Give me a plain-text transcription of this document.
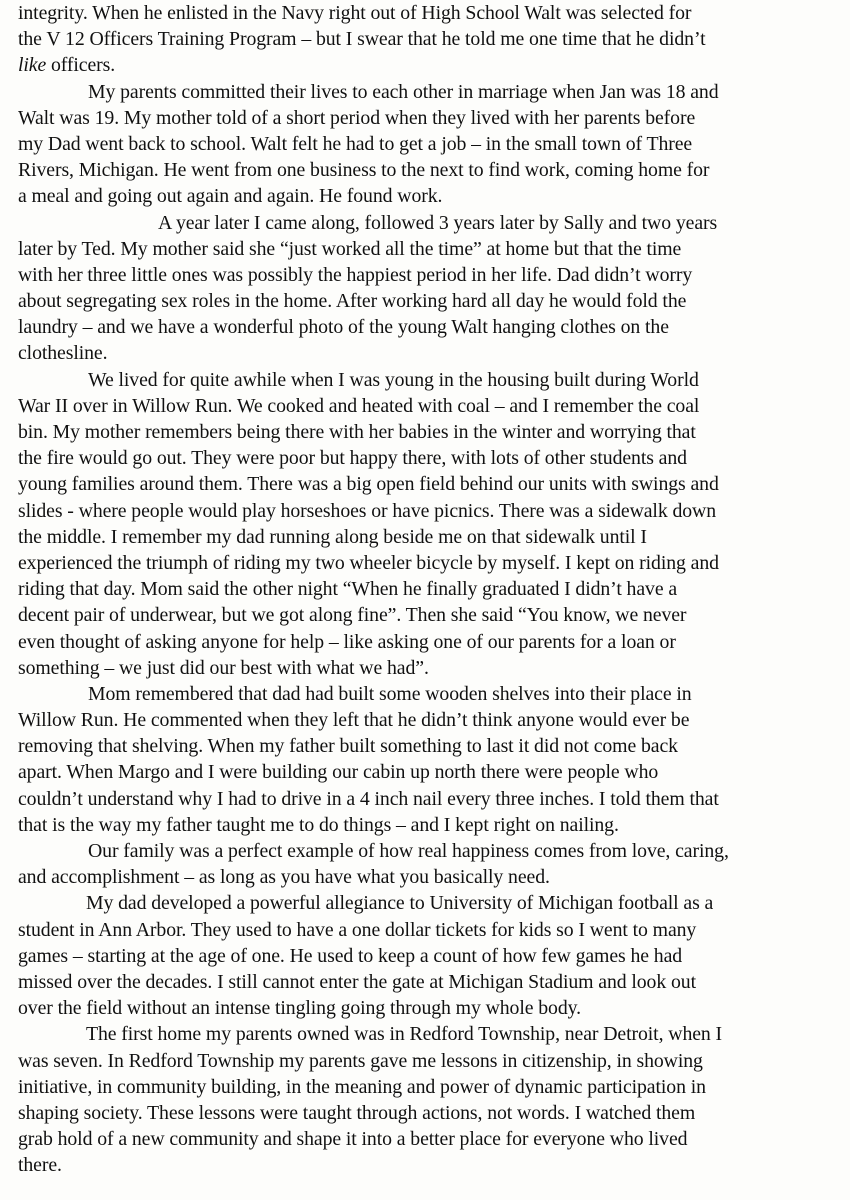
integrity. When he enlisted in the Navy right out of High School Walt was selected for
the V 12 Officers Training Program – but I swear that he told me one time that he didn’t
like officers.
My parents committed their lives to each other in marriage when Jan was 18 and
Walt was 19. My mother told of a short period when they lived with her parents before
my Dad went back to school. Walt felt he had to get a job – in the small town of Three
Rivers, Michigan. He went from one business to the next to find work, coming home for
a meal and going out again and again. He found work.
A year later I came along, followed 3 years later by Sally and two years
later by Ted. My mother said she “just worked all the time” at home but that the time
with her three little ones was possibly the happiest period in her life. Dad didn’t worry
about segregating sex roles in the home. After working hard all day he would fold the
laundry – and we have a wonderful photo of the young Walt hanging clothes on the
clothesline.
We lived for quite awhile when I was young in the housing built during World
War II over in Willow Run. We cooked and heated with coal – and I remember the coal
bin. My mother remembers being there with her babies in the winter and worrying that
the fire would go out. They were poor but happy there, with lots of other students and
young families around them. There was a big open field behind our units with swings and
slides - where people would play horseshoes or have picnics. There was a sidewalk down
the middle. I remember my dad running along beside me on that sidewalk until I
experienced the triumph of riding my two wheeler bicycle by myself. I kept on riding and
riding that day. Mom said the other night “When he finally graduated I didn’t have a
decent pair of underwear, but we got along fine”. Then she said “You know, we never
even thought of asking anyone for help – like asking one of our parents for a loan or
something – we just did our best with what we had”.
Mom remembered that dad had built some wooden shelves into their place in
Willow Run. He commented when they left that he didn’t think anyone would ever be
removing that shelving. When my father built something to last it did not come back
apart. When Margo and I were building our cabin up north there were people who
couldn’t understand why I had to drive in a 4 inch nail every three inches. I told them that
that is the way my father taught me to do things – and I kept right on nailing.
Our family was a perfect example of how real happiness comes from love, caring,
and accomplishment – as long as you have what you basically need.
My dad developed a powerful allegiance to University of Michigan football as a
student in Ann Arbor. They used to have a one dollar tickets for kids so I went to many
games – starting at the age of one. He used to keep a count of how few games he had
missed over the decades. I still cannot enter the gate at Michigan Stadium and look out
over the field without an intense tingling going through my whole body.
The first home my parents owned was in Redford Township, near Detroit, when I
was seven. In Redford Township my parents gave me lessons in citizenship, in showing
initiative, in community building, in the meaning and power of dynamic participation in
shaping society. These lessons were taught through actions, not words. I watched them
grab hold of a new community and shape it into a better place for everyone who lived
there.
